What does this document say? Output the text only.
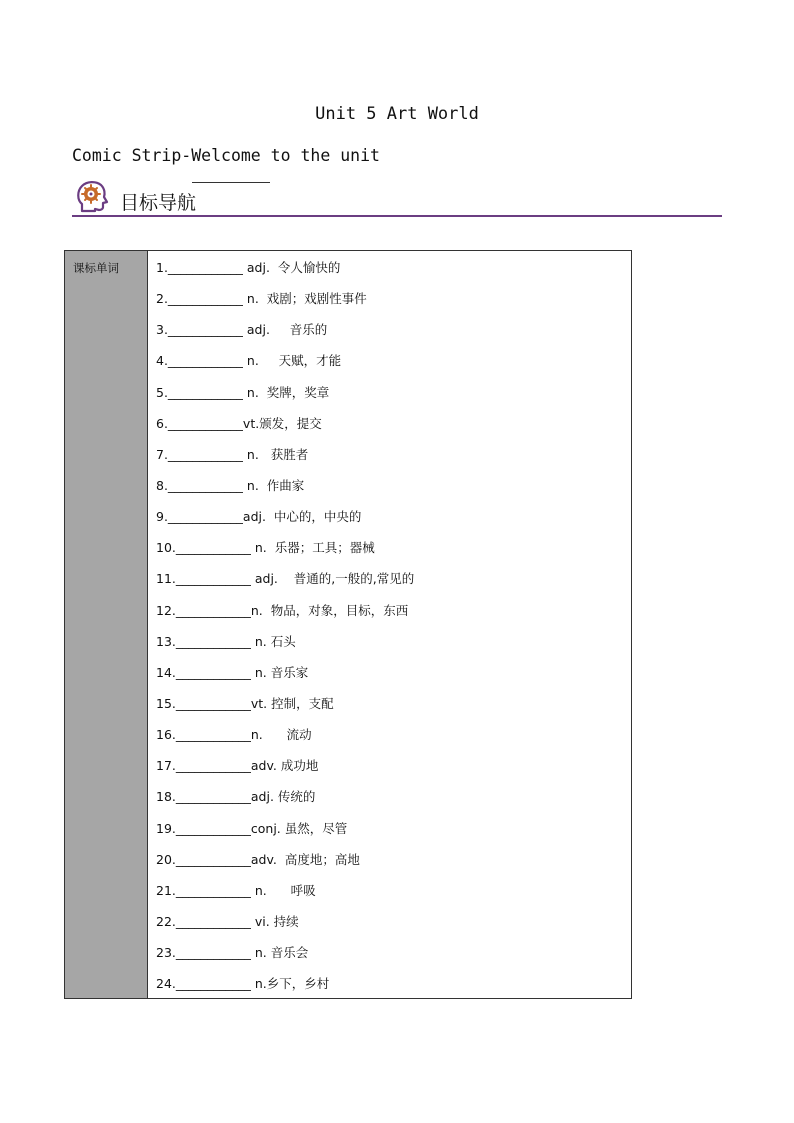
Unit 5 Art World
Comic Strip-Welcome to the unit
目标导航
课标单词	1.____________ adj.  令人愉快的
2.____________ n.  戏剧；戏剧性事件
3.____________ adj.     音乐的
4.____________ n.     天赋，才能
5.____________ n.  奖牌，奖章
6.____________vt.颁发，提交
7.____________ n.   获胜者
8.____________ n.  作曲家
9.____________adj.  中心的，中央的
10.____________ n.  乐器；工具；器械
11.____________ adj.    普通的,一般的,常见的
12.____________n.  物品，对象，目标，东西
13.____________ n. 石头
14.____________ n. 音乐家
15.____________vt. 控制，支配
16.____________n.      流动
17.____________adv. 成功地
18.____________adj. 传统的
19.____________conj. 虽然，尽管
20.____________adv.  高度地；高地
21.____________ n.      呼吸
22.____________ vi. 持续
23.____________ n. 音乐会
24.____________ n.乡下，乡村
